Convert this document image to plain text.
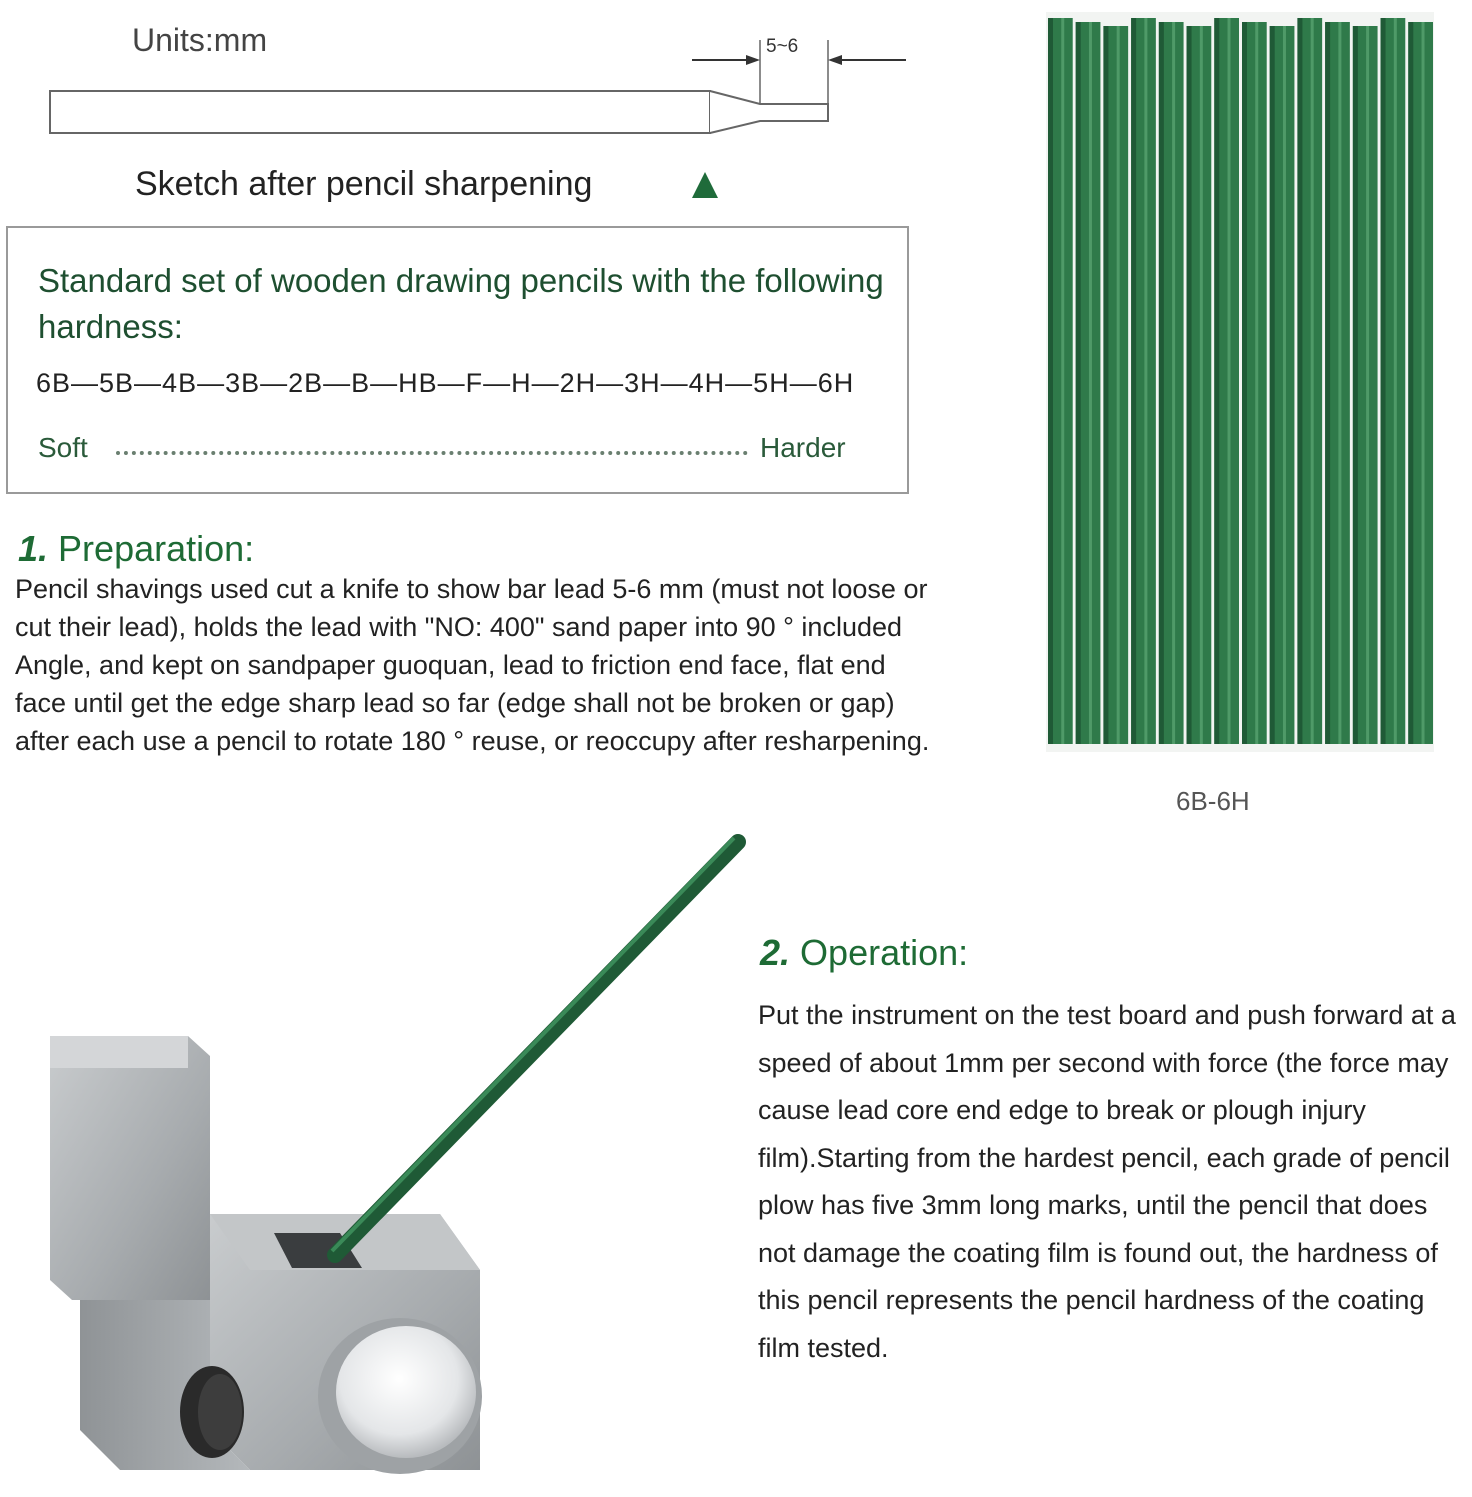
Units:mm	5~6
Sketch after pencil sharpening
Standard set of wooden drawing pencils with the following hardness:
6B—5B—4B—3B—2B—B—HB—F—H—2H—3H—4H—5H—6H
Soft	Harder
1. Preparation:
Pencil shavings used cut a knife to show bar lead 5-6 mm (must not loose or cut their lead), holds the lead with "NO: 400" sand paper into 90 ° included Angle, and kept on sandpaper guoquan, lead to friction end face, flat end face until get the edge sharp lead so far (edge shall not be broken or gap) after each use a pencil to rotate 180 ° reuse, or reoccupy after resharpening.
6B-6H
2. Operation:
Put the instrument on the test board and push forward at a speed of about 1mm per second with force (the force may cause lead core end edge to break or plough injury film).Starting from the hardest pencil, each grade of pencil plow has five 3mm long marks, until the pencil that does not damage the coating film is found out, the hardness of this pencil represents the pencil hardness of the coating film tested.
